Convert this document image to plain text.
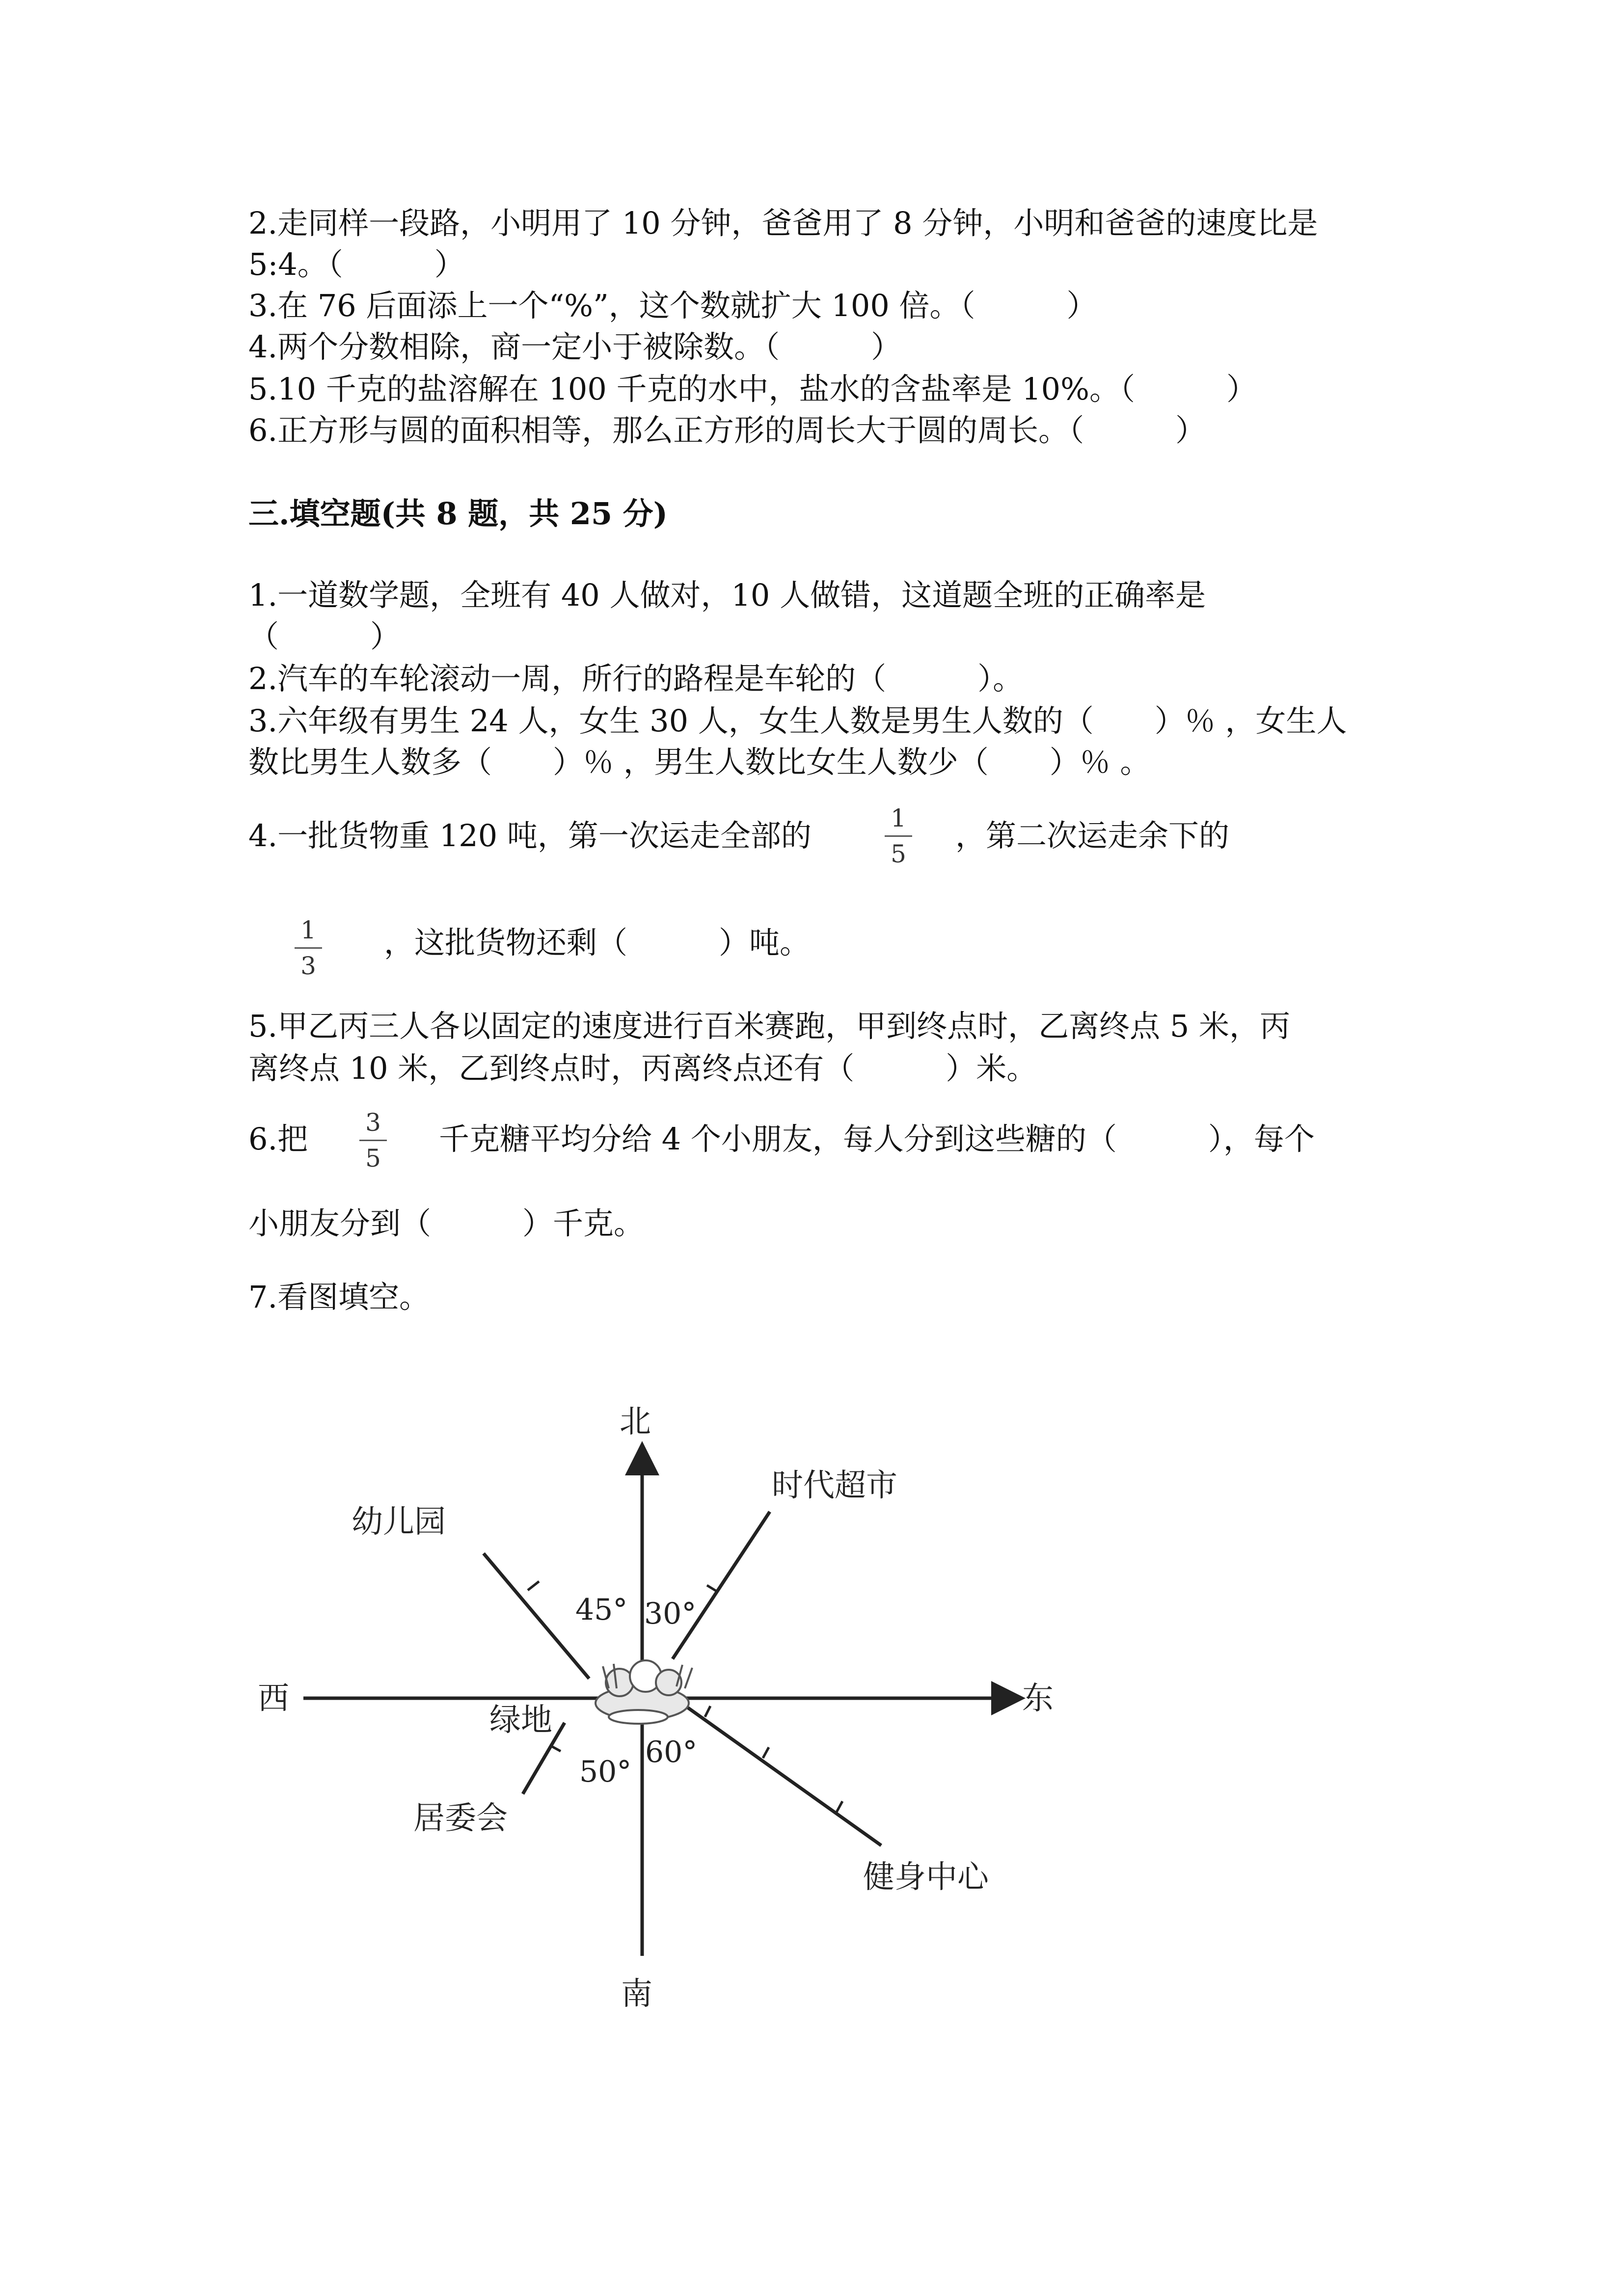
2.走同样一段路，小明用了 10 分钟，爸爸用了 8 分钟，小明和爸爸的速度比是
5:4。（　　　）
3.在 76 后面添上一个“%”，这个数就扩大 100 倍。（　　　）
4.两个分数相除，商一定小于被除数。（　　　）
5.10 千克的盐溶解在 100 千克的水中，盐水的含盐率是 10%。（　　　）
6.正方形与圆的面积相等，那么正方形的周长大于圆的周长。（　　　）
三.填空题(共 8 题，共 25 分)
1.一道数学题，全班有 40 人做对，10 人做错，这道题全班的正确率是
（　　　）
2.汽车的车轮滚动一周，所行的路程是车轮的（　　　）。
3.六年级有男生 24 人，女生 30 人，女生人数是男生人数的（　　）％ ，女生人
数比男生人数多（　　）％ ，男生人数比女生人数少（　　）％ 。
4.一批货物重 120 吨，第一次运走全部的	1
5
，第二次运走余下的
1
3
，这批货物还剩（　　　）吨。
5.甲乙丙三人各以固定的速度进行百米赛跑，甲到终点时，乙离终点 5 米，丙
离终点 10 米，乙到终点时，丙离终点还有（　　　）米。
6.把 3
5
千克糖平均分给 4 个小朋友，每人分到这些糖的（　　　），每个
小朋友分到（　　　）千克。
7.看图填空。
北
南
西	东
绿地
幼儿园
时代超市
居委会
健身中心
45° 30°
50°
60°
